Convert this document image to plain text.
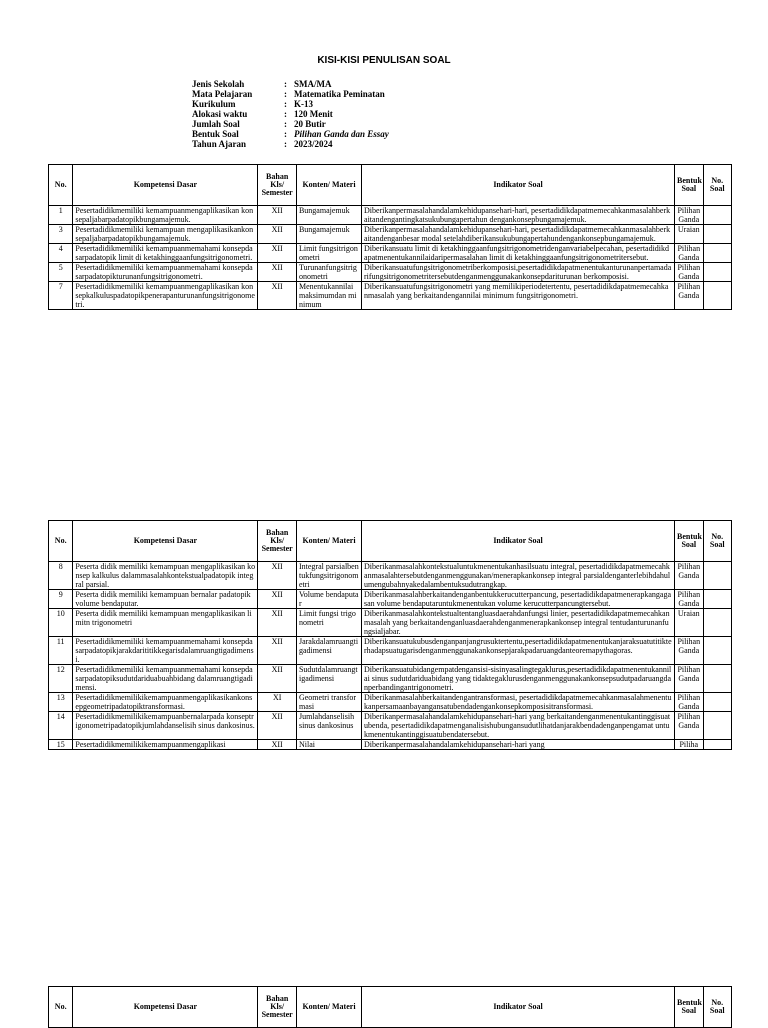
KISI-KISI PENULISAN SOAL
Jenis Sekolah	: SMA/MA
Mata Pelajaran	: Matematika Peminatan
Kurikulum	: K-13
Alokasi waktu	: 120 Menit
Jumlah Soal	: 20 Butir
Bentuk Soal	: Pilihan Ganda dan Essay
Tahun Ajaran	: 2023/2024
No.	Kompetensi Dasar	Bahan Kls/ Semester	Konten/ Materi	Indikator Soal	Bentuk Soal	No. Soal
1	Pesertadidikmemiliki kemampuanmengaplikasikan konsepaljabarpadatopikbungamajemuk.	XII	Bungamajemuk	Diberikanpermasalahandalamkehidupansehari-hari, pesertadidikdapatmemecahkanmasalahberkaitandengantingkatsukubungapertahun dengankonsepbungamajemuk.	PilihanGanda	
3	Pesertadidikmemiliki kemampuan mengaplikasikankonsepaljabarpadatopikbungamajemuk.	XII	Bungamajemuk	Diberikanpermasalahandalamkehidupansehari-hari, pesertadidikdapatmemecahkanmasalahberkaitandenganbesar modal setelahdiberikansukubungapertahundengankonsepbungamajemuk.	Uraian	
4	Pesertadidikmemiliki kemampuanmemahami konsepdasarpadatopik limit di ketakhinggaanfungsitrigonometri.	XII	Limit fungsitrigonometri	Diberikansuatu limit di ketakhinggaanfungsitrigonometridenganvariabelpecahan, pesertadidikdapatmenentukannilaidaripermasalahan limit di ketakhinggaanfungsitrigonometritersebut.	PilihanGanda	
5	Pesertadidikmemiliki kemampuanmemahami konsepdasarpadatopikturunanfungsitrigonometri.	XII	Turunanfungsitrigonometri	Diberikansuatufungsitrigonometriberkomposisi,pesertadidikdapatmenentukanturunanpertamadarifungsitrigonometritersebutdenganmenggunakankonsepdariturunan berkomposisi.	PilihanGanda	
7	Pesertadidikmemiliki kemampuanmengaplikasikan konsepkalkuluspadatopikpenerapanturunanfungsitrigonometri.	XII	Menentukannilaimaksimumdan minimum	Diberikansuatufungsitrigonometri yang memilikiperiodetertentu, pesertadidikdapatmemecahkanmasalah yang berkaitandengannilai minimum fungsitrigonometri.	PilihanGanda	
No.	Kompetensi Dasar	Bahan Kls/ Semester	Konten/ Materi	Indikator Soal	Bentuk Soal	No. Soal
8	Peserta didik memiliki kemampuan mengaplikasikan konsep kalkulus dalammasalahkontekstualpadatopik integral parsial.	XII	Integral parsialbentukfungsitrigonometri	Diberikanmasalahkontekstualuntukmenentukanhasilsuatu integral, pesertadidikdapatmemecahkanmasalahtersebutdenganmenggunakan/menerapkankonsep integral parsialdenganterlebihdahulumengubahnyakedalambentuksudutrangkap.	PilihanGanda	
9	Peserta didik memiliki kemampuan bernalar padatopik volume bendaputar.	XII	Volume bendaputar	Diberikanmasalahberkaitandenganbentukkerucutterpancung, pesertadidikdapatmenerapkangagasan volume bendaputaruntukmenentukan volume kerucutterpancungtersebut.	PilihanGanda	
10	Peserta didik memiliki kemampuan mengaplikasikan limitn trigonometri	XII	Limit fungsi trigonometri	Diberikanmasalahkontekstualtentangluasdaerahdanfungsi linier, pesertadidikdapatmemecahkanmasalah yang berkaitandenganluasdaerahdenganmenerapkankonsep integral tentudanturunanfungsialjabar.	Uraian	
11	Pesertadidikmemiliki kemampuanmemahami konsepdasarpadatopikjarakdarititikkegarisdalamruangtigadimensi.	XII	Jarakdalamruangtigadimensi	Diberikansuatukubusdenganpanjangrusuktertentu,pesertadidikdapatmenentukanjaraksuatutitikterhadapsuatugarisdenganmenggunakankonsepjarakpadaruangdanteoremapythagoras.	PilihanGanda	
12	Pesertadidikmemiliki kemampuanmemahami konsepdasarpadatopiksudutdariduabuahbidang dalamruangtigadimensi.	XII	Sudutdalamruangtigadimensi	Diberikansuatubidangempatdengansisi-sisinyasalingtegaklurus,pesertadidikdapatmenentukannilai sinus sudutdariduabidang yang tidaktegaklurusdenganmenggunakankonsepsudutpadaruangdanperbandingantrigonometri.	PilihanGanda	
13	Pesertadidikmemilikikemampuanmengaplikasikankonsepgeometripadatopiktransformasi.	XI	Geometri transformasi	Diberikanmasalahberkaitandengantransformasi, pesertadidikdapatmemecahkanmasalahmenentukanpersamaanbayangansatubendadengankonsepkomposisitransformasi.	PilihanGanda	
14	Pesertadidikmemilikikemampuanbernalarpada konseptrigonometripadatopikjumlahdanselisih sinus dankosinus.	XII	Jumlahdanselisih sinus dankosinus	Diberikanpermasalahandalamkehidupansehari-hari yang berkaitandenganmenentukantinggisuatubenda, pesertadidikdapatmenganalisishubungansudutlihatdanjarakbendadenganpengamat untukmenentukantinggisuatubendatersebut.	PilihanGanda	
15	Pesertadidikmemilikikemampuanmengaplikasi	XII	Nilai	Diberikanpermasalahandalamkehidupansehari-hari yang	Piliha	
No.	Kompetensi Dasar	Bahan Kls/ Semester	Konten/ Materi	Indikator Soal	Bentuk Soal	No. Soal
